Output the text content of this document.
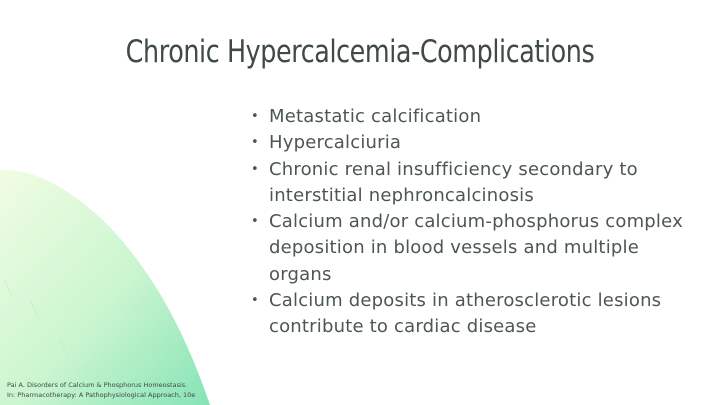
Chronic Hypercalcemia-Complications
• Metastatic calcification
• Hypercalciuria
• Chronic renal insufficiency secondary to interstitial nephroncalcinosis
• Calcium and/or calcium-phosphorus complex deposition in blood vessels and multiple organs
• Calcium deposits in atherosclerotic lesions contribute to cardiac disease
Pai A. Disorders of Calcium & Phosphorus Homeostasis.
In: Pharmacotherapy: A Pathophysiological Approach, 10e
